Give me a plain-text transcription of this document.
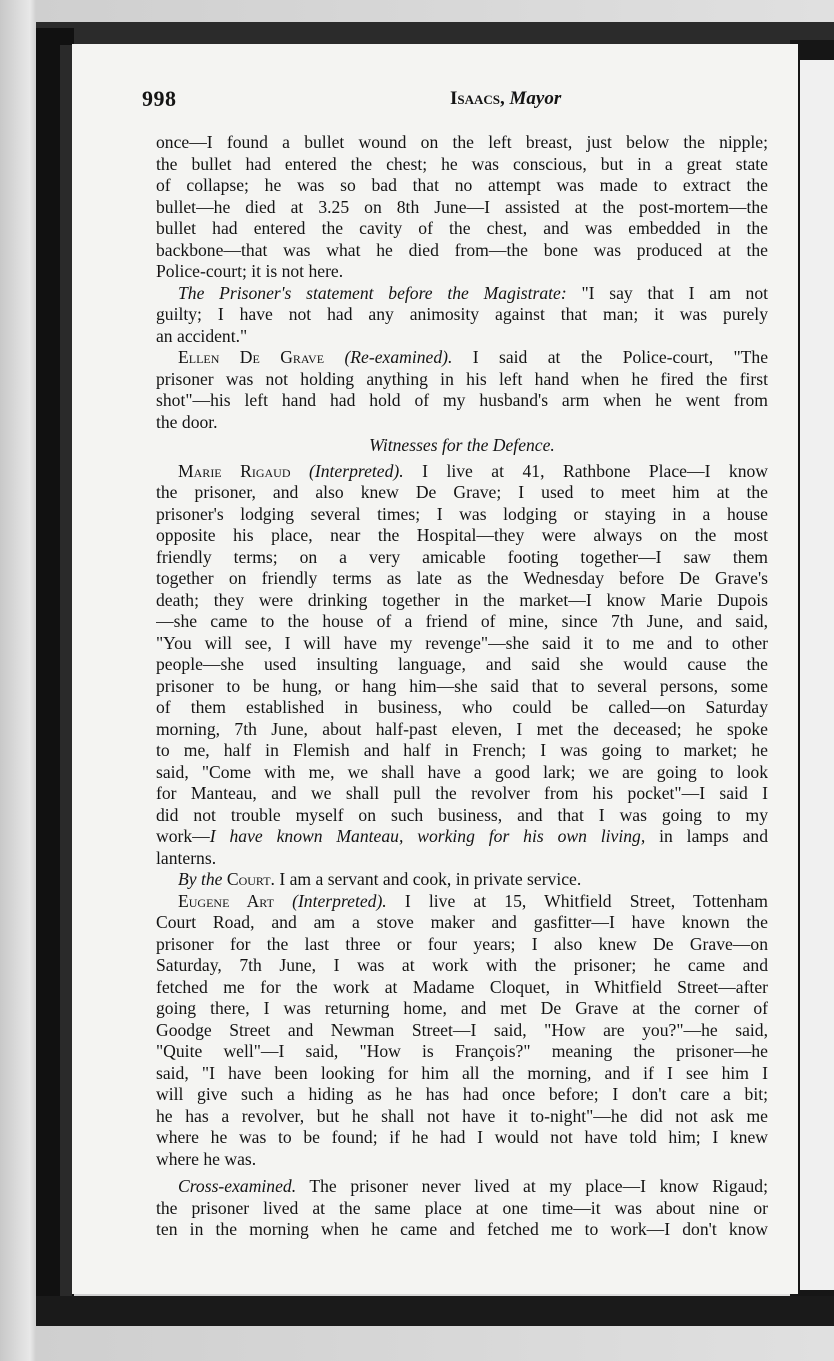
998	Isaacs, Mayor
once—I found a bullet wound on the left breast, just below the nipple;
the bullet had entered the chest; he was conscious, but in a great state
of collapse; he was so bad that no attempt was made to extract the
bullet—he died at 3.25 on 8th June—I assisted at the post-mortem—the
bullet had entered the cavity of the chest, and was embedded in the
backbone—that was what he died from—the bone was produced at the
Police-court; it is not here.
The Prisoner's statement before the Magistrate: "I say that I am not
guilty; I have not had any animosity against that man; it was purely
an accident."
Ellen De Grave (Re-examined). I said at the Police-court, "The
prisoner was not holding anything in his left hand when he fired the first
shot"—his left hand had hold of my husband's arm when he went from
the door.
Witnesses for the Defence.
Marie Rigaud (Interpreted). I live at 41, Rathbone Place—I know
the prisoner, and also knew De Grave; I used to meet him at the
prisoner's lodging several times; I was lodging or staying in a house
opposite his place, near the Hospital—they were always on the most
friendly terms; on a very amicable footing together—I saw them
together on friendly terms as late as the Wednesday before De Grave's
death; they were drinking together in the market—I know Marie Dupois
—she came to the house of a friend of mine, since 7th June, and said,
"You will see, I will have my revenge"—she said it to me and to other
people—she used insulting language, and said she would cause the
prisoner to be hung, or hang him—she said that to several persons, some
of them established in business, who could be called—on Saturday
morning, 7th June, about half-past eleven, I met the deceased; he spoke
to me, half in Flemish and half in French; I was going to market; he
said, "Come with me, we shall have a good lark; we are going to look
for Manteau, and we shall pull the revolver from his pocket"—I said I
did not trouble myself on such business, and that I was going to my
work—I have known Manteau, working for his own living, in lamps and
lanterns.
By the Court. I am a servant and cook, in private service.
Eugene Art (Interpreted). I live at 15, Whitfield Street, Tottenham
Court Road, and am a stove maker and gasfitter—I have known the
prisoner for the last three or four years; I also knew De Grave—on
Saturday, 7th June, I was at work with the prisoner; he came and
fetched me for the work at Madame Cloquet, in Whitfield Street—after
going there, I was returning home, and met De Grave at the corner of
Goodge Street and Newman Street—I said, "How are you?"—he said,
"Quite well"—I said, "How is François?" meaning the prisoner—he
said, "I have been looking for him all the morning, and if I see him I
will give such a hiding as he has had once before; I don't care a bit;
he has a revolver, but he shall not have it to-night"—he did not ask me
where he was to be found; if he had I would not have told him; I knew
where he was.
Cross-examined. The prisoner never lived at my place—I know Rigaud;
the prisoner lived at the same place at one time—it was about nine or
ten in the morning when he came and fetched me to work—I don't know
